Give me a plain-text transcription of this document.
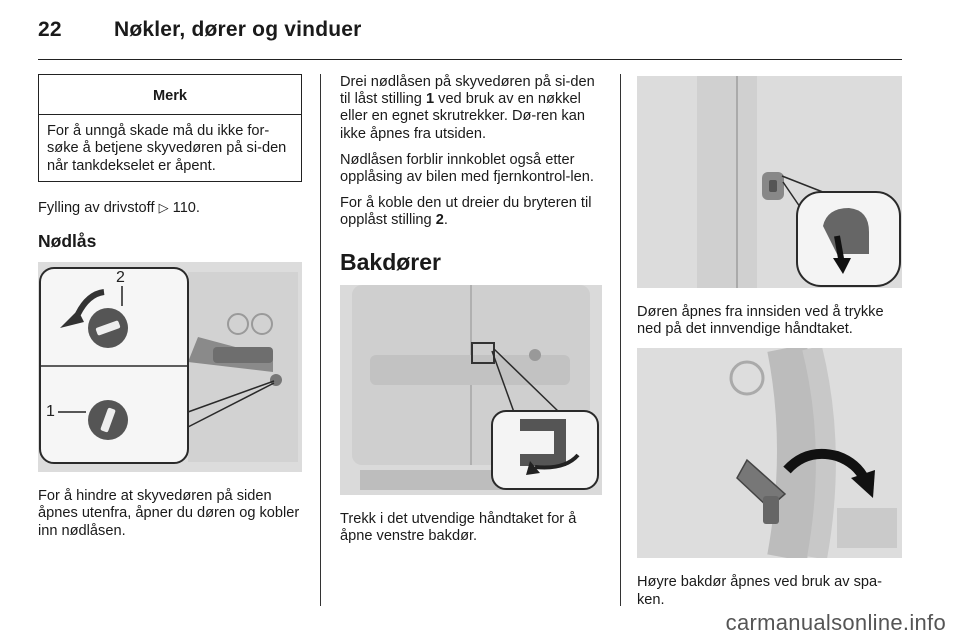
22 Nøkler, dører og vinduer
Merk
For å unngå skade må du ikke for-søke å betjene skyvedøren på si-den når tankdekselet er åpent.

Fylling av drivstoff ▷ 110.

Nødlås

2
1

For å hindre at skyvedøren på siden åpnes utenfra, åpner du døren og kobler inn nødlåsen.

Drei nødlåsen på skyvedøren på si-den til låst stilling 1 ved bruk av en nøkkel eller en egnet skrutrekker. Dø-ren kan ikke åpnes fra utsiden.

Nødlåsen forblir innkoblet også etter opplåsing av bilen med fjernkontrol-len.

For å koble den ut dreier du bryteren til opplåst stilling 2.

Bakdører

Trekk i det utvendige håndtaket for å åpne venstre bakdør.

Døren åpnes fra innsiden ved å trykke ned på det innvendige håndtaket.

Høyre bakdør åpnes ved bruk av spa-ken.

carmanualsonline.info
